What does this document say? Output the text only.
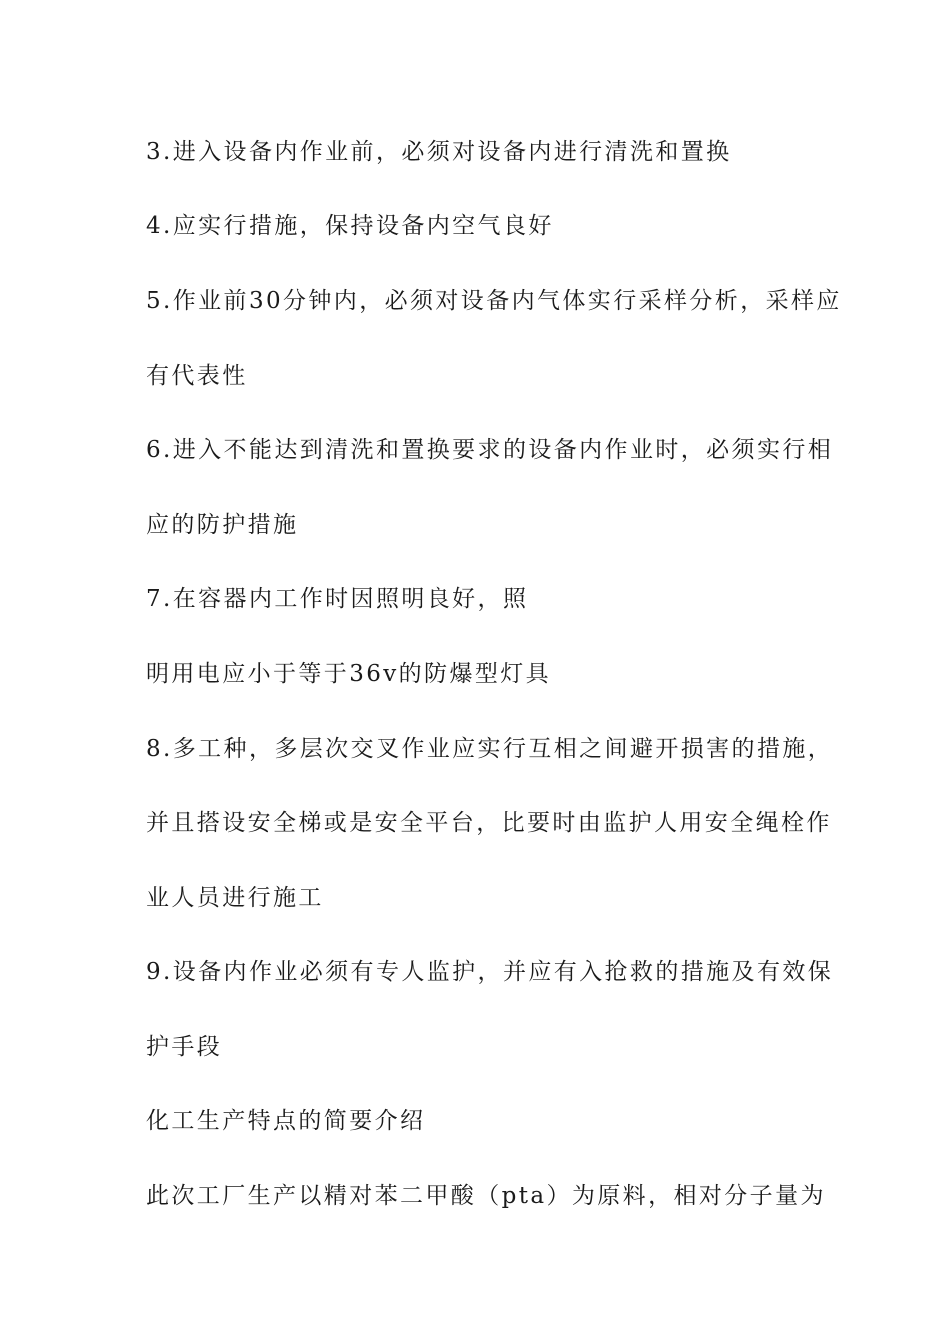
3.进入设备内作业前，必须对设备内进行清洗和置换
4.应实行措施，保持设备内空气良好
5.作业前30分钟内，必须对设备内气体实行采样分析，采样应
有代表性
6.进入不能达到清洗和置换要求的设备内作业时，必须实行相
应的防护措施
7.在容器内工作时因照明良好，照
明用电应小于等于36v的防爆型灯具
8.多工种，多层次交叉作业应实行互相之间避开损害的措施，
并且搭设安全梯或是安全平台，比要时由监护人用安全绳栓作
业人员进行施工
9.设备内作业必须有专人监护，并应有入抢救的措施及有效保
护手段
化工生产特点的简要介绍
此次工厂生产以精对苯二甲酸（pta）为原料，相对分子量为
